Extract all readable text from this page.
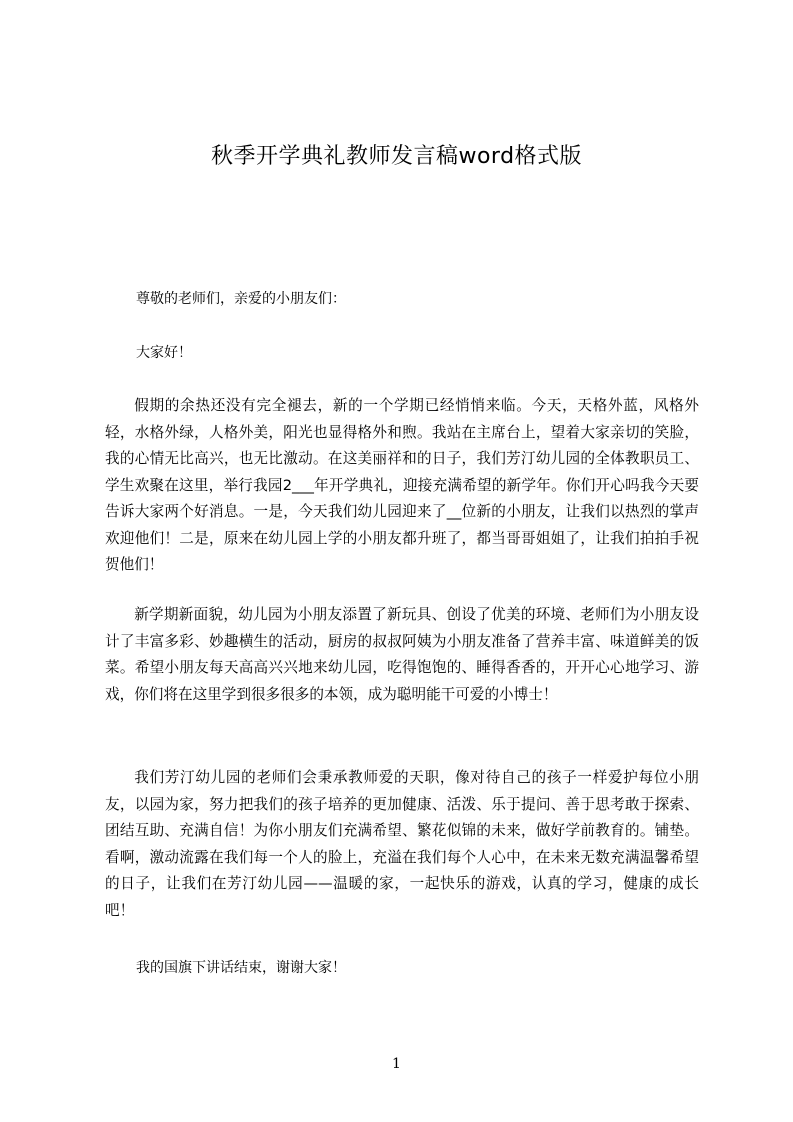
秋季开学典礼教师发言稿word格式版
尊敬的老师们，亲爱的小朋友们：
大家好！

假期的余热还没有完全褪去，新的一个学期已经悄悄来临。今天，天格外蓝，风格外轻，水格外绿，人格外美，阳光也显得格外和煦。我站在主席台上，望着大家亲切的笑脸，我的心情无比高兴，也无比激动。在这美丽祥和的日子，我们芳汀幼儿园的全体教职员工、学生欢聚在这里，举行我园2___年开学典礼，迎接充满希望的新学年。你们开心吗我今天要告诉大家两个好消息。一是，今天我们幼儿园迎来了__位新的小朋友，让我们以热烈的掌声欢迎他们！二是，原来在幼儿园上学的小朋友都升班了，都当哥哥姐姐了，让我们拍拍手祝贺他们！

新学期新面貌，幼儿园为小朋友添置了新玩具、创设了优美的环境、老师们为小朋友设计了丰富多彩、妙趣横生的活动，厨房的叔叔阿姨为小朋友准备了营养丰富、味道鲜美的饭菜。希望小朋友每天高高兴兴地来幼儿园，吃得饱饱的、睡得香香的，开开心心地学习、游戏，你们将在这里学到很多很多的本领，成为聪明能干可爱的小博士！

我们芳汀幼儿园的老师们会秉承教师爱的天职，像对待自己的孩子一样爱护每位小朋友，以园为家，努力把我们的孩子培养的更加健康、活泼、乐于提问、善于思考敢于探索、团结互助、充满自信！为你小朋友们充满希望、繁花似锦的未来，做好学前教育的。铺垫。看啊，激动流露在我们每一个人的脸上，充溢在我们每个人心中，在未来无数充满温馨希望的日子，让我们在芳汀幼儿园——温暖的家，一起快乐的游戏，认真的学习，健康的成长吧！

我的国旗下讲话结束，谢谢大家！
1
